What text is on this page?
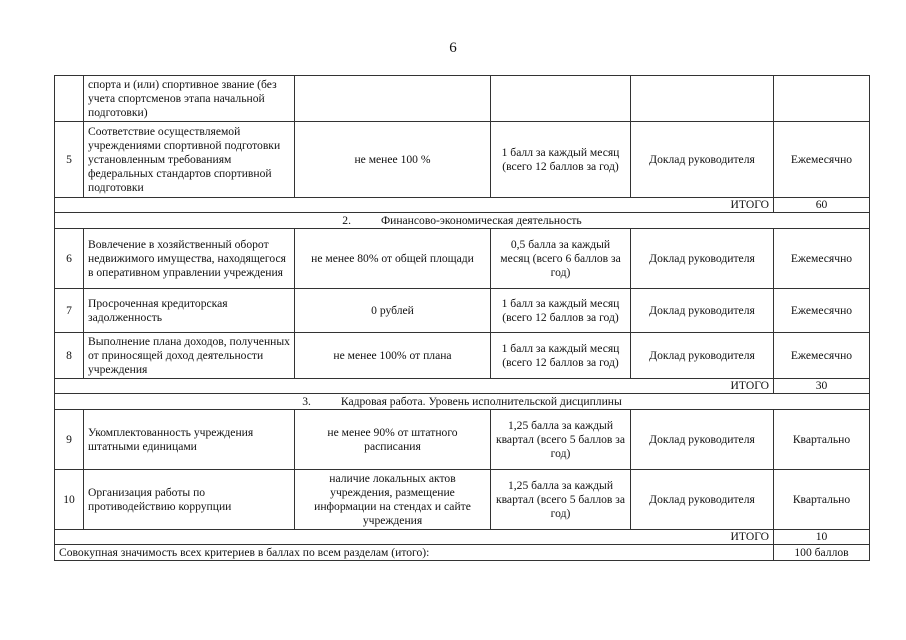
6
	спорта и (или) спортивное звание (без учета спортсменов этапа начальной подготовки)				
5	Соответствие осуществляемой учреждениями спортивной подготовки установленным требованиям федеральных стандартов спортивной подготовки	не менее 100 %	1 балл за каждый месяц (всего 12 баллов за год)	Доклад руководителя	Ежемесячно
ИТОГО					60
2. Финансово-экономическая деятельность					
6	Вовлечение в хозяйственный оборот недвижимого имущества, находящегося в оперативном управлении учреждения	не менее 80% от общей площади	0,5 балла за каждый месяц (всего 6 баллов за год)	Доклад руководителя	Ежемесячно
7	Просроченная кредиторская задолженность	0 рублей	1 балл за каждый месяц (всего 12 баллов за год)	Доклад руководителя	Ежемесячно
8	Выполнение плана доходов, полученных от приносящей доход деятельности учреждения	не менее 100% от плана	1 балл за каждый месяц (всего 12 баллов за год)	Доклад руководителя	Ежемесячно
ИТОГО					30
3. Кадровая работа. Уровень исполнительской дисциплины					
9	Укомплектованность учреждения штатными единицами	не менее 90% от штатного расписания	1,25 балла за каждый квартал (всего 5 баллов за год)	Доклад руководителя	Квартально
10	Организация работы по противодействию коррупции	наличие локальных актов учреждения, размещение информации на стендах и сайте учреждения	1,25 балла за каждый квартал (всего 5 баллов за год)	Доклад руководителя	Квартально
ИТОГО					10
Совокупная значимость всех критериев в баллах по всем разделам (итого):					100 баллов
